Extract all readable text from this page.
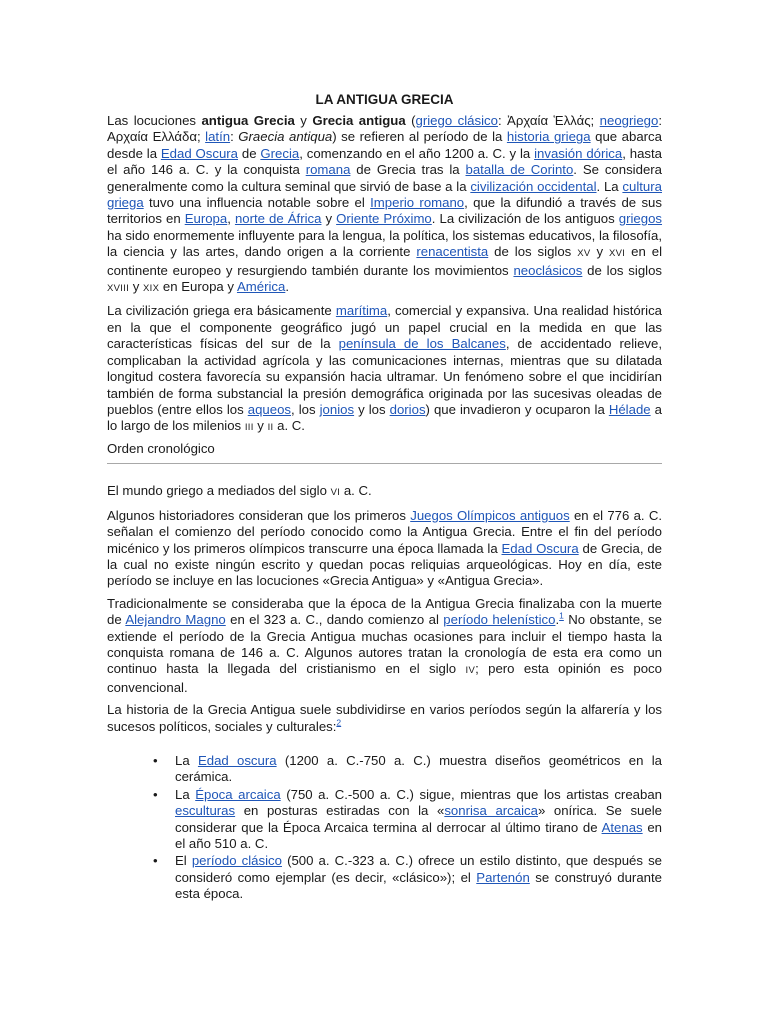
LA ANTIGUA GRECIA

Las locuciones antigua Grecia y Grecia antigua (griego clásico: Ἀρχαία Ἑλλάς; neogriego: Αρχαία Ελλάδα; latín: Graecia antiqua) se refieren al período de la historia griega que abarca desde la Edad Oscura de Grecia, comenzando en el año 1200 a. C. y la invasión dórica, hasta el año 146 a. C. y la conquista romana de Grecia tras la batalla de Corinto. Se considera generalmente como la cultura seminal que sirvió de base a la civilización occidental. La cultura griega tuvo una influencia notable sobre el Imperio romano, que la difundió a través de sus territorios en Europa, norte de África y Oriente Próximo. La civilización de los antiguos griegos ha sido enormemente influyente para la lengua, la política, los sistemas educativos, la filosofía, la ciencia y las artes, dando origen a la corriente renacentista de los siglos XV y XVI en el continente europeo y resurgiendo también durante los movimientos neoclásicos de los siglos XVIII y XIX en Europa y América.

La civilización griega era básicamente marítima, comercial y expansiva. Una realidad histórica en la que el componente geográfico jugó un papel crucial en la medida en que las características físicas del sur de la península de los Balcanes, de accidentado relieve, complicaban la actividad agrícola y las comunicaciones internas, mientras que su dilatada longitud costera favorecía su expansión hacia ultramar. Un fenómeno sobre el que incidirían también de forma substancial la presión demográfica originada por las sucesivas oleadas de pueblos (entre ellos los aqueos, los jonios y los dorios) que invadieron y ocuparon la Hélade a lo largo de los milenios III y II a. C.

Orden cronológico
El mundo griego a mediados del siglo VI a. C.

Algunos historiadores consideran que los primeros Juegos Olímpicos antiguos en el 776 a. C. señalan el comienzo del período conocido como la Antigua Grecia. Entre el fin del período micénico y los primeros olímpicos transcurre una época llamada la Edad Oscura de Grecia, de la cual no existe ningún escrito y quedan pocas reliquias arqueológicas. Hoy en día, este período se incluye en las locuciones «Grecia Antigua» y «Antigua Grecia».

Tradicionalmente se consideraba que la época de la Antigua Grecia finalizaba con la muerte de Alejandro Magno en el 323 a. C., dando comienzo al período helenístico.$^1$ No obstante, se extiende el período de la Grecia Antigua muchas ocasiones para incluir el tiempo hasta la conquista romana de 146 a. C. Algunos autores tratan la cronología de esta era como un continuo hasta la llegada del cristianismo en el siglo IV; pero esta opinión es poco convencional.

La historia de la Grecia Antigua suele subdividirse en varios períodos según la alfarería y los sucesos políticos, sociales y culturales:$^2$

• La Edad oscura (1200 a. C.-750 a. C.) muestra diseños geométricos en la cerámica.
• La Época arcaica (750 a. C.-500 a. C.) sigue, mientras que los artistas creaban esculturas en posturas estiradas con la «sonrisa arcaica» onírica. Se suele considerar que la Época Arcaica termina al derrocar al último tirano de Atenas en el año 510 a. C.
• El período clásico (500 a. C.-323 a. C.) ofrece un estilo distinto, que después se consideró como ejemplar (es decir, «clásico»); el Partenón se construyó durante esta época.
